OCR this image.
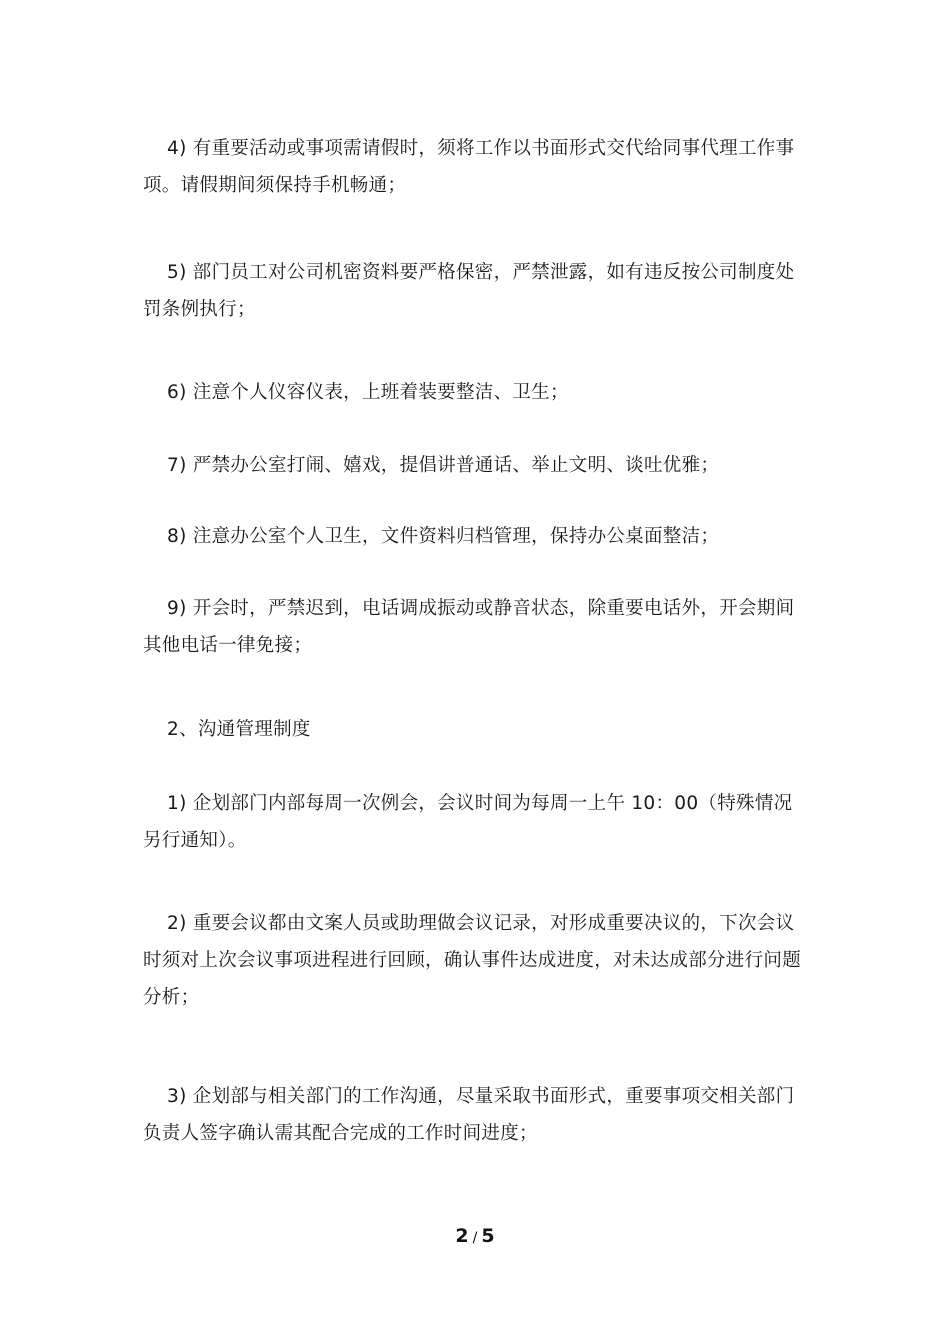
4) 有重要活动或事项需请假时，须将工作以书面形式交代给同事代理工作事项。请假期间须保持手机畅通；

5) 部门员工对公司机密资料要严格保密，严禁泄露，如有违反按公司制度处罚条例执行；

6) 注意个人仪容仪表，上班着装要整洁、卫生；

7) 严禁办公室打闹、嬉戏，提倡讲普通话、举止文明、谈吐优雅；

8) 注意办公室个人卫生，文件资料归档管理，保持办公桌面整洁；

9) 开会时，严禁迟到，电话调成振动或静音状态，除重要电话外，开会期间其他电话一律免接；

2、沟通管理制度

1) 企划部门内部每周一次例会，会议时间为每周一上午 10：00（特殊情况另行通知）。

2) 重要会议都由文案人员或助理做会议记录，对形成重要决议的，下次会议时须对上次会议事项进程进行回顾，确认事件达成进度，对未达成部分进行问题分析；

3) 企划部与相关部门的工作沟通，尽量采取书面形式，重要事项交相关部门负责人签字确认需其配合完成的工作时间进度；

2 / 5
